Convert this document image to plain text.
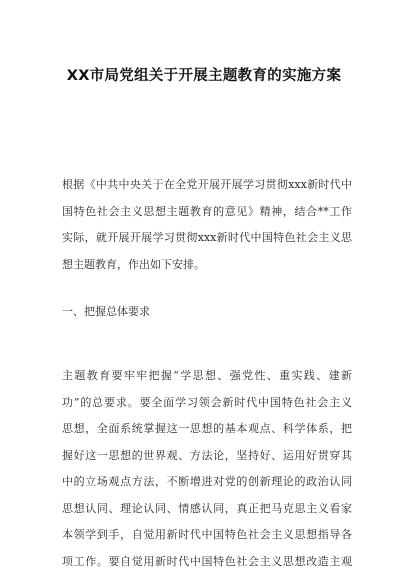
XX市局党组关于开展主题教育的实施方案
根据《中共中央关于在全党开展开展学习贯彻xxx新时代中
国特色社会主义思想主题教育的意见》精神，结合**工作
实际，就开展开展学习贯彻xxx新时代中国特色社会主义思
想主题教育，作出如下安排。
一、把握总体要求
主题教育要牢牢把握“学思想、强党性、重实践、建新
功”的总要求。要全面学习领会新时代中国特色社会主义
思想，全面系统掌握这一思想的基本观点、科学体系，把
握好这一思想的世界观、方法论，坚持好、运用好贯穿其
中的立场观点方法，不断增进对党的创新理论的政治认同
思想认同、理论认同、情感认同，真正把马克思主义看家
本领学到手，自觉用新时代中国特色社会主义思想指导各
项工作。要自觉用新时代中国特色社会主义思想改造主观
